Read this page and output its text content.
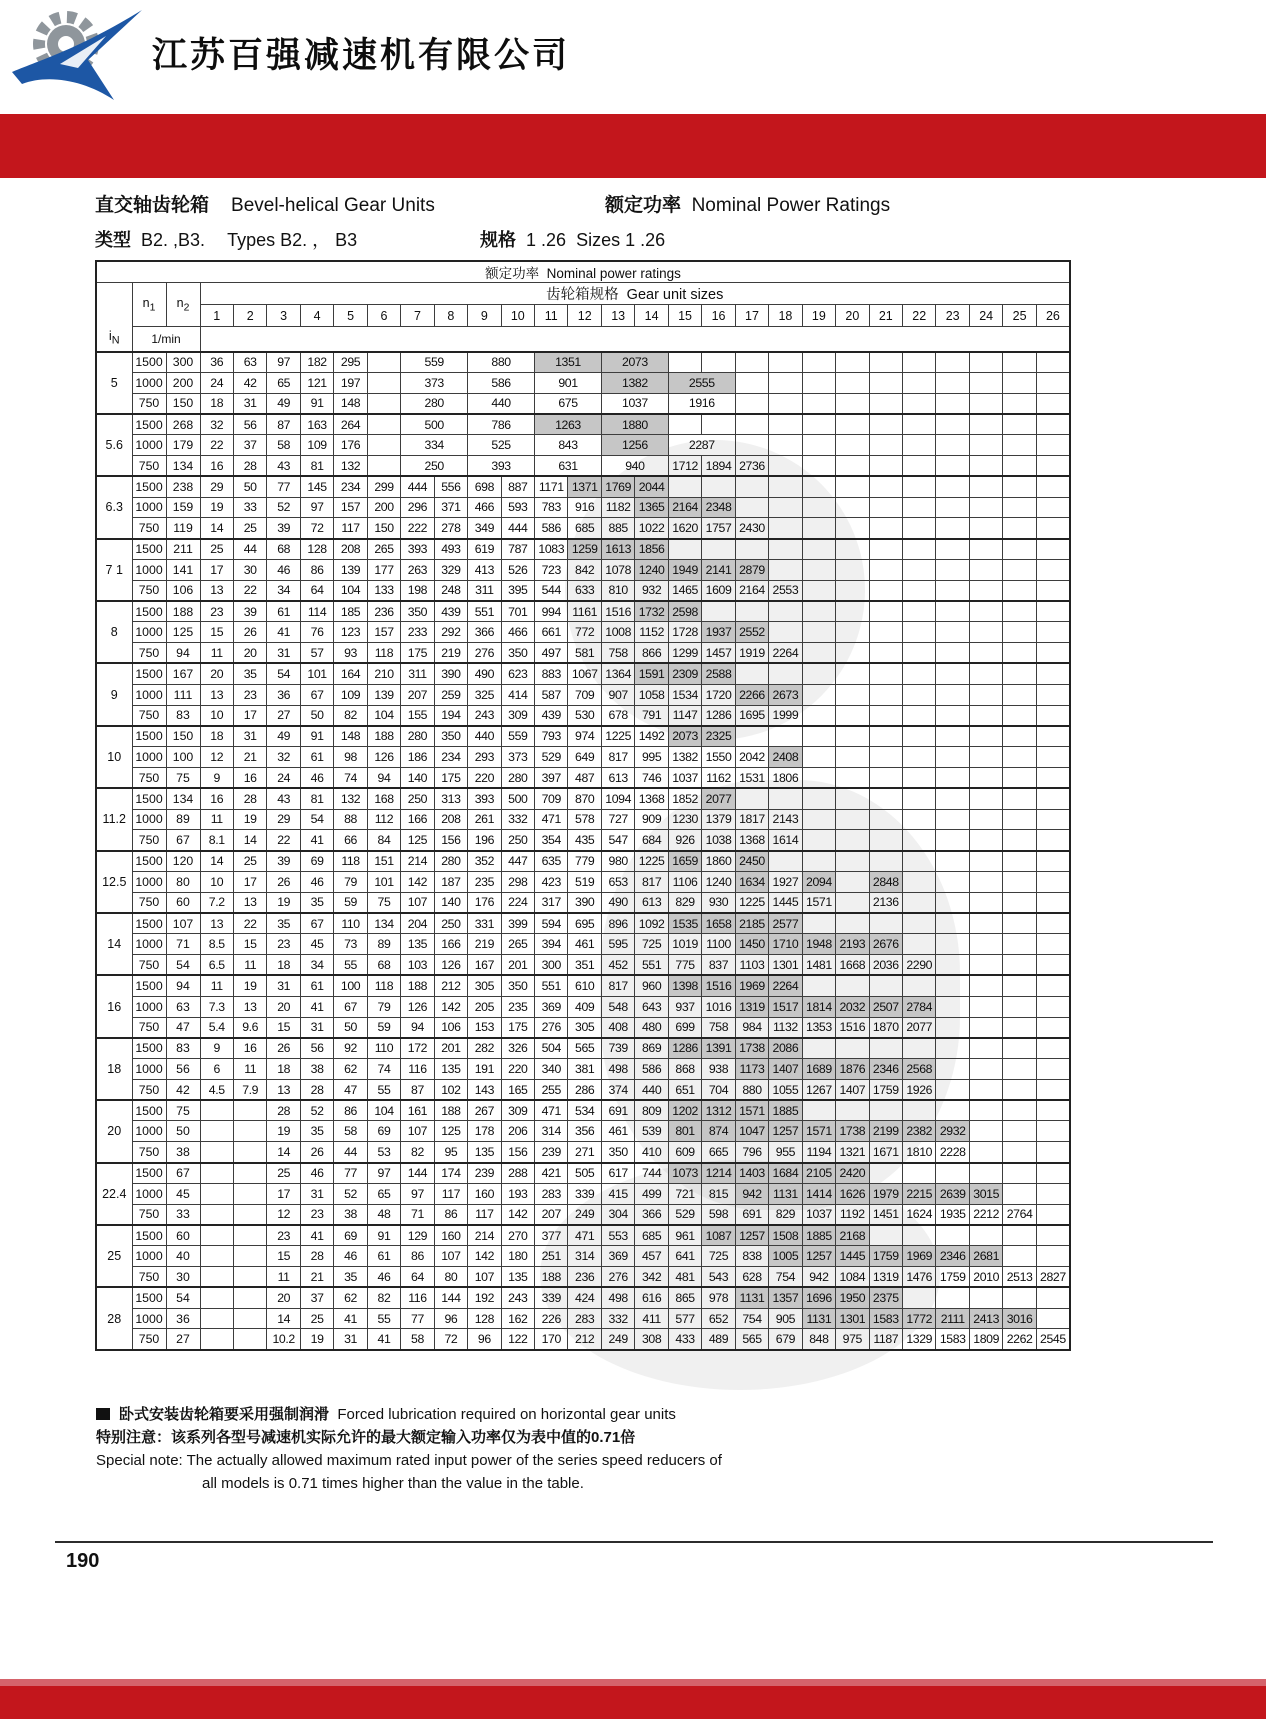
江苏百强减速机有限公司
直交轴齿轮箱 Bevel-helical Gear Units	额定功率 Nominal Power Ratings
类型 B2. ,B3. Types B2. ， B3	规格 1 .26 Sizes 1 .26
额定功率  Nominal power ratings																												
$i_N$	$n_1$	$n_2$	齿轮箱规格  Gear unit sizes																									
			1	2	3	4	5	6	7	8	9	10	11	12	13	14	15	16	17	18	19	20	21	22	23	24	25	26
	1/min																											
5	1500	300	36	63	97	182	295		559		880		1351		2073													
	1000	200	24	42	65	121	197		373		586		901		1382		2555											
	750	150	18	31	49	91	148		280		440		675		1037		1916											
5.6	1500	268	32	56	87	163	264		500		786		1263		1880													
	1000	179	22	37	58	109	176		334		525		843		1256		2287											
	750	134	16	28	43	81	132		250		393		631		940		1712	1894	2736									
6.3	1500	238	29	50	77	145	234	299	444	556	698	887	1171	1371	1769	2044												
	1000	159	19	33	52	97	157	200	296	371	466	593	783	916	1182	1365	2164	2348										
	750	119	14	25	39	72	117	150	222	278	349	444	586	685	885	1022	1620	1757	2430									
7 1	1500	211	25	44	68	128	208	265	393	493	619	787	1083	1259	1613	1856												
	1000	141	17	30	46	86	139	177	263	329	413	526	723	842	1078	1240	1949	2141	2879									
	750	106	13	22	34	64	104	133	198	248	311	395	544	633	810	932	1465	1609	2164	2553								
8	1500	188	23	39	61	114	185	236	350	439	551	701	994	1161	1516	1732	2598											
	1000	125	15	26	41	76	123	157	233	292	366	466	661	772	1008	1152	1728	1937	2552									
	750	94	11	20	31	57	93	118	175	219	276	350	497	581	758	866	1299	1457	1919	2264								
9	1500	167	20	35	54	101	164	210	311	390	490	623	883	1067	1364	1591	2309	2588										
	1000	111	13	23	36	67	109	139	207	259	325	414	587	709	907	1058	1534	1720	2266	2673								
	750	83	10	17	27	50	82	104	155	194	243	309	439	530	678	791	1147	1286	1695	1999								
10	1500	150	18	31	49	91	148	188	280	350	440	559	793	974	1225	1492	2073	2325										
	1000	100	12	21	32	61	98	126	186	234	293	373	529	649	817	995	1382	1550	2042	2408								
	750	75	9	16	24	46	74	94	140	175	220	280	397	487	613	746	1037	1162	1531	1806								
11.2	1500	134	16	28	43	81	132	168	250	313	393	500	709	870	1094	1368	1852	2077										
	1000	89	11	19	29	54	88	112	166	208	261	332	471	578	727	909	1230	1379	1817	2143								
	750	67	8.1	14	22	41	66	84	125	156	196	250	354	435	547	684	926	1038	1368	1614								
12.5	1500	120	14	25	39	69	118	151	214	280	352	447	635	779	980	1225	1659	1860	2450									
	1000	80	10	17	26	46	79	101	142	187	235	298	423	519	653	817	1106	1240	1634	1927	2094		2848					
	750	60	7.2	13	19	35	59	75	107	140	176	224	317	390	490	613	829	930	1225	1445	1571		2136					
14	1500	107	13	22	35	67	110	134	204	250	331	399	594	695	896	1092	1535	1658	2185	2577								
	1000	71	8.5	15	23	45	73	89	135	166	219	265	394	461	595	725	1019	1100	1450	1710	1948	2193	2676					
	750	54	6.5	11	18	34	55	68	103	126	167	201	300	351	452	551	775	837	1103	1301	1481	1668	2036	2290				
16	1500	94	11	19	31	61	100	118	188	212	305	350	551	610	817	960	1398	1516	1969	2264								
	1000	63	7.3	13	20	41	67	79	126	142	205	235	369	409	548	643	937	1016	1319	1517	1814	2032	2507	2784				
	750	47	5.4	9.6	15	31	50	59	94	106	153	175	276	305	408	480	699	758	984	1132	1353	1516	1870	2077				
18	1500	83	9	16	26	56	92	110	172	201	282	326	504	565	739	869	1286	1391	1738	2086								
	1000	56	6	11	18	38	62	74	116	135	191	220	340	381	498	586	868	938	1173	1407	1689	1876	2346	2568				
	750	42	4.5	7.9	13	28	47	55	87	102	143	165	255	286	374	440	651	704	880	1055	1267	1407	1759	1926				
20	1500	75			28	52	86	104	161	188	267	309	471	534	691	809	1202	1312	1571	1885								
	1000	50			19	35	58	69	107	125	178	206	314	356	461	539	801	874	1047	1257	1571	1738	2199	2382	2932			
	750	38			14	26	44	53	82	95	135	156	239	271	350	410	609	665	796	955	1194	1321	1671	1810	2228			
22.4	1500	67			25	46	77	97	144	174	239	288	421	505	617	744	1073	1214	1403	1684	2105	2420						
	1000	45			17	31	52	65	97	117	160	193	283	339	415	499	721	815	942	1131	1414	1626	1979	2215	2639	3015		
	750	33			12	23	38	48	71	86	117	142	207	249	304	366	529	598	691	829	1037	1192	1451	1624	1935	2212	2764	
25	1500	60			23	41	69	91	129	160	214	270	377	471	553	685	961	1087	1257	1508	1885	2168						
	1000	40			15	28	46	61	86	107	142	180	251	314	369	457	641	725	838	1005	1257	1445	1759	1969	2346	2681		
	750	30			11	21	35	46	64	80	107	135	188	236	276	342	481	543	628	754	942	1084	1319	1476	1759	2010	2513	2827
28	1500	54			20	37	62	82	116	144	192	243	339	424	498	616	865	978	1131	1357	1696	1950	2375					
	1000	36			14	25	41	55	77	96	128	162	226	283	332	411	577	652	754	905	1131	1301	1583	1772	2111	2413	3016	
	750	27			10.2	19	31	41	58	72	96	122	170	212	249	308	433	489	565	679	848	975	1187	1329	1583	1809	2262	2545
卧式安装齿轮箱要采用强制润滑 Forced lubrication required on horizontal gear units
特别注意：该系列各型号减速机实际允许的最大额定输入功率仅为表中值的0.71倍
Special note: The actually allowed maximum rated input power of the series speed reducers of
all models is 0.71 times higher than the value in the table.
190
